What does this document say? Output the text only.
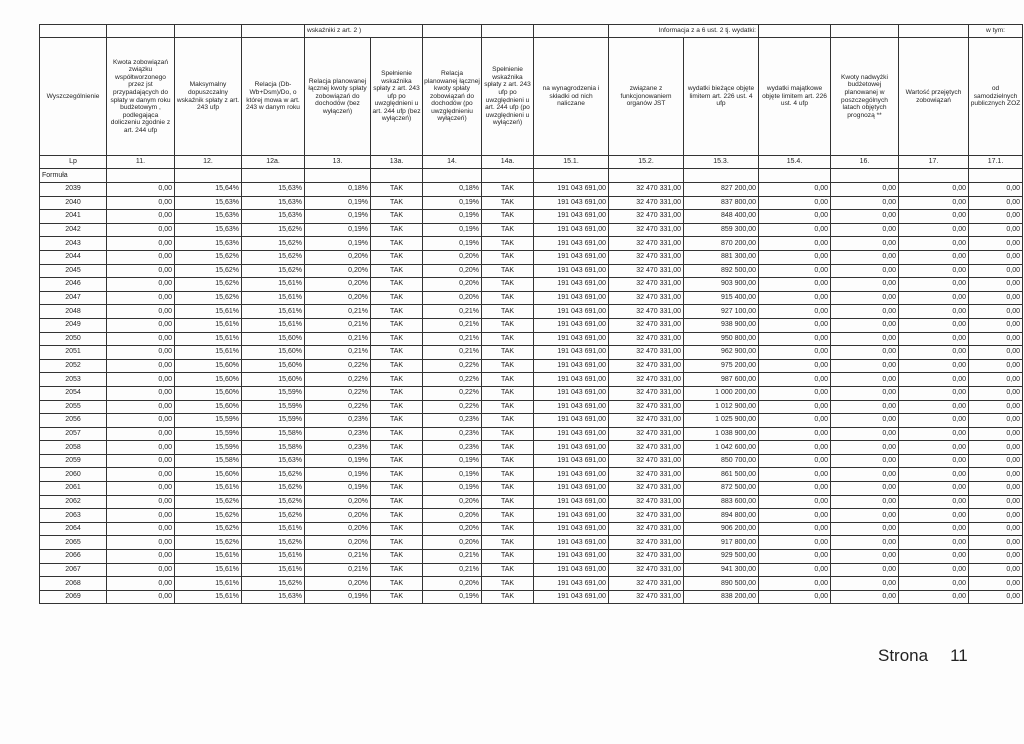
				wskaźniki z art. 2 )					Informacja z a 6 ust. 2 tj. wydatki:					w tym:
Wyszczególnienie	Kwota zobowiązań związku współtworzonego przez jst przypadających do spłaty w danym roku budżetowym , podlegająca doliczeniu zgodnie z art. 244 ufp	Maksymalny dopuszczalny wskaźnik spłaty z art. 243 ufp	Relacja (Db-Wb+Dsm)/Do, o której mowa w art. 243 w danym roku	Relacja planowanej łącznej kwoty spłaty zobowiązań do dochodów (bez wyłączeń)	Spełnienie wskaźnika spłaty z art. 243 ufp po uwzględnieni u art. 244 ufp (bez wyłączeń)	Relacja planowanej łącznej kwoty spłaty zobowiązań do dochodów (po uwzględnieniu wyłączeń)	Spełnienie wskaźnika spłaty z art. 243 ufp po uwzględnieni u art. 244 ufp (po uwzględnieni u wyłączeń)	na wynagrodzenia i składki od nich naliczane	związane z funkcjonowaniem organów JST	wydatki bieżące objęte limitem art. 226 ust. 4 ufp	wydatki majątkowe objęte limitem art. 226 ust. 4 ufp	Kwoty nadwyżki budżetowej planowanej w poszczególnych latach objętych prognozą **	Wartość przejętych zobowiązań	od samodzielnych publicznych ZOZ
Lp	11.	12.	12a.	13.	13a.	14.	14a.	15.1.	15.2.	15.3.	15.4.	16.	17.	17.1.
Formuła														
2039	0,00	15,64%	15,63%	0,18%	TAK	0,18%	TAK	191 043 691,00	32 470 331,00	827 200,00	0,00	0,00	0,00	0,00
2040	0,00	15,63%	15,63%	0,19%	TAK	0,19%	TAK	191 043 691,00	32 470 331,00	837 800,00	0,00	0,00	0,00	0,00
2041	0,00	15,63%	15,63%	0,19%	TAK	0,19%	TAK	191 043 691,00	32 470 331,00	848 400,00	0,00	0,00	0,00	0,00
2042	0,00	15,63%	15,62%	0,19%	TAK	0,19%	TAK	191 043 691,00	32 470 331,00	859 300,00	0,00	0,00	0,00	0,00
2043	0,00	15,63%	15,62%	0,19%	TAK	0,19%	TAK	191 043 691,00	32 470 331,00	870 200,00	0,00	0,00	0,00	0,00
2044	0,00	15,62%	15,62%	0,20%	TAK	0,20%	TAK	191 043 691,00	32 470 331,00	881 300,00	0,00	0,00	0,00	0,00
2045	0,00	15,62%	15,62%	0,20%	TAK	0,20%	TAK	191 043 691,00	32 470 331,00	892 500,00	0,00	0,00	0,00	0,00
2046	0,00	15,62%	15,61%	0,20%	TAK	0,20%	TAK	191 043 691,00	32 470 331,00	903 900,00	0,00	0,00	0,00	0,00
2047	0,00	15,62%	15,61%	0,20%	TAK	0,20%	TAK	191 043 691,00	32 470 331,00	915 400,00	0,00	0,00	0,00	0,00
2048	0,00	15,61%	15,61%	0,21%	TAK	0,21%	TAK	191 043 691,00	32 470 331,00	927 100,00	0,00	0,00	0,00	0,00
2049	0,00	15,61%	15,61%	0,21%	TAK	0,21%	TAK	191 043 691,00	32 470 331,00	938 900,00	0,00	0,00	0,00	0,00
2050	0,00	15,61%	15,60%	0,21%	TAK	0,21%	TAK	191 043 691,00	32 470 331,00	950 800,00	0,00	0,00	0,00	0,00
2051	0,00	15,61%	15,60%	0,21%	TAK	0,21%	TAK	191 043 691,00	32 470 331,00	962 900,00	0,00	0,00	0,00	0,00
2052	0,00	15,60%	15,60%	0,22%	TAK	0,22%	TAK	191 043 691,00	32 470 331,00	975 200,00	0,00	0,00	0,00	0,00
2053	0,00	15,60%	15,60%	0,22%	TAK	0,22%	TAK	191 043 691,00	32 470 331,00	987 600,00	0,00	0,00	0,00	0,00
2054	0,00	15,60%	15,59%	0,22%	TAK	0,22%	TAK	191 043 691,00	32 470 331,00	1 000 200,00	0,00	0,00	0,00	0,00
2055	0,00	15,60%	15,59%	0,22%	TAK	0,22%	TAK	191 043 691,00	32 470 331,00	1 012 900,00	0,00	0,00	0,00	0,00
2056	0,00	15,59%	15,59%	0,23%	TAK	0,23%	TAK	191 043 691,00	32 470 331,00	1 025 900,00	0,00	0,00	0,00	0,00
2057	0,00	15,59%	15,58%	0,23%	TAK	0,23%	TAK	191 043 691,00	32 470 331,00	1 038 900,00	0,00	0,00	0,00	0,00
2058	0,00	15,59%	15,58%	0,23%	TAK	0,23%	TAK	191 043 691,00	32 470 331,00	1 042 600,00	0,00	0,00	0,00	0,00
2059	0,00	15,58%	15,63%	0,19%	TAK	0,19%	TAK	191 043 691,00	32 470 331,00	850 700,00	0,00	0,00	0,00	0,00
2060	0,00	15,60%	15,62%	0,19%	TAK	0,19%	TAK	191 043 691,00	32 470 331,00	861 500,00	0,00	0,00	0,00	0,00
2061	0,00	15,61%	15,62%	0,19%	TAK	0,19%	TAK	191 043 691,00	32 470 331,00	872 500,00	0,00	0,00	0,00	0,00
2062	0,00	15,62%	15,62%	0,20%	TAK	0,20%	TAK	191 043 691,00	32 470 331,00	883 600,00	0,00	0,00	0,00	0,00
2063	0,00	15,62%	15,62%	0,20%	TAK	0,20%	TAK	191 043 691,00	32 470 331,00	894 800,00	0,00	0,00	0,00	0,00
2064	0,00	15,62%	15,61%	0,20%	TAK	0,20%	TAK	191 043 691,00	32 470 331,00	906 200,00	0,00	0,00	0,00	0,00
2065	0,00	15,62%	15,62%	0,20%	TAK	0,20%	TAK	191 043 691,00	32 470 331,00	917 800,00	0,00	0,00	0,00	0,00
2066	0,00	15,61%	15,61%	0,21%	TAK	0,21%	TAK	191 043 691,00	32 470 331,00	929 500,00	0,00	0,00	0,00	0,00
2067	0,00	15,61%	15,61%	0,21%	TAK	0,21%	TAK	191 043 691,00	32 470 331,00	941 300,00	0,00	0,00	0,00	0,00
2068	0,00	15,61%	15,62%	0,20%	TAK	0,20%	TAK	191 043 691,00	32 470 331,00	890 500,00	0,00	0,00	0,00	0,00
2069	0,00	15,61%	15,63%	0,19%	TAK	0,19%	TAK	191 043 691,00	32 470 331,00	838 200,00	0,00	0,00	0,00	0,00
Strona 11
